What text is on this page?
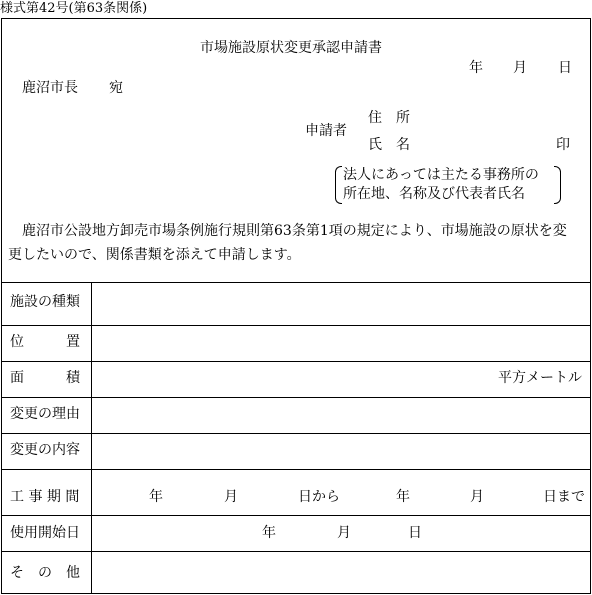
様式第42号(第63条関係)
市場施設原状変更承認申請書
年 月 日
鹿沼市長 宛
住　所
申請者
氏　名	印
法人にあっては主たる事務所の
所在地、名称及び代表者氏名
鹿沼市公設地方卸売市場条例施行規則第63条第1項の規定により、市場施設の原状を変
更したいので、関係書類を添えて申請します。
施設の種類
位　　　置
面　　　積	平方メートル
変更の理由
変更の内容
工 事 期 間	年	月	日から	年	月	日まで
使用開始日	年	月	日
そ　の　他
